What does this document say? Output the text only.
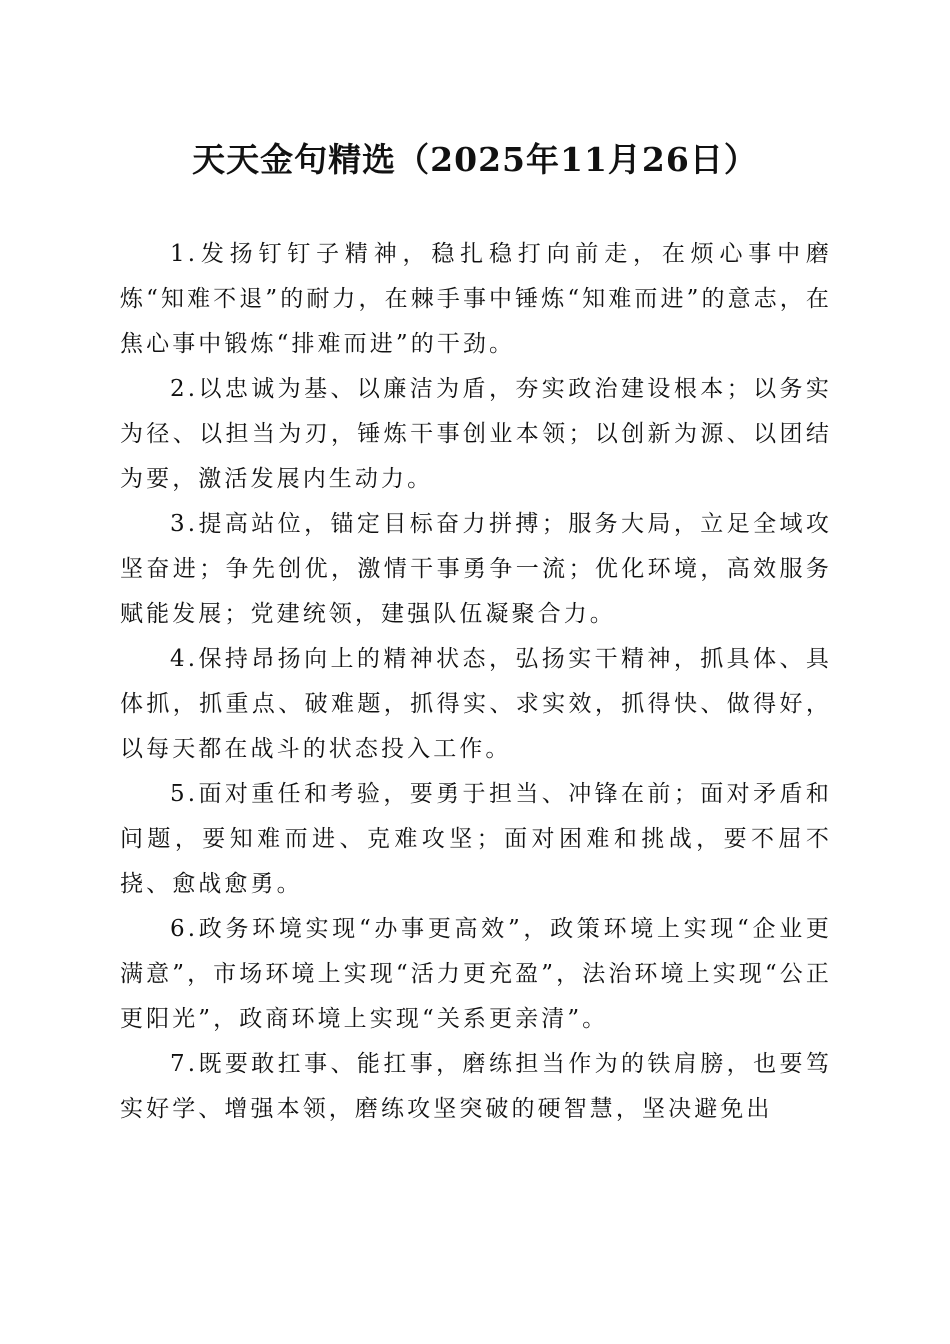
天天金句精选（2025年11月26日）

1.发扬钉钉子精神，稳扎稳打向前走，在烦心事中磨炼“知难不退”的耐力，在棘手事中锤炼“知难而进”的意志，在焦心事中锻炼“排难而进”的干劲。

2.以忠诚为基、以廉洁为盾，夯实政治建设根本；以务实为径、以担当为刃，锤炼干事创业本领；以创新为源、以团结为要，激活发展内生动力。

3.提高站位，锚定目标奋力拼搏；服务大局，立足全域攻坚奋进；争先创优，激情干事勇争一流；优化环境，高效服务赋能发展；党建统领，建强队伍凝聚合力。

4.保持昂扬向上的精神状态，弘扬实干精神，抓具体、具体抓，抓重点、破难题，抓得实、求实效，抓得快、做得好，以每天都在战斗的状态投入工作。

5.面对重任和考验，要勇于担当、冲锋在前；面对矛盾和问题，要知难而进、克难攻坚；面对困难和挑战，要不屈不挠、愈战愈勇。

6.政务环境实现“办事更高效”，政策环境上实现“企业更满意”，市场环境上实现“活力更充盈”，法治环境上实现“公正更阳光”，政商环境上实现“关系更亲清”。

7.既要敢扛事、能扛事，磨练担当作为的铁肩膀，也要笃实好学、增强本领，磨练攻坚突破的硬智慧，坚决避免出
